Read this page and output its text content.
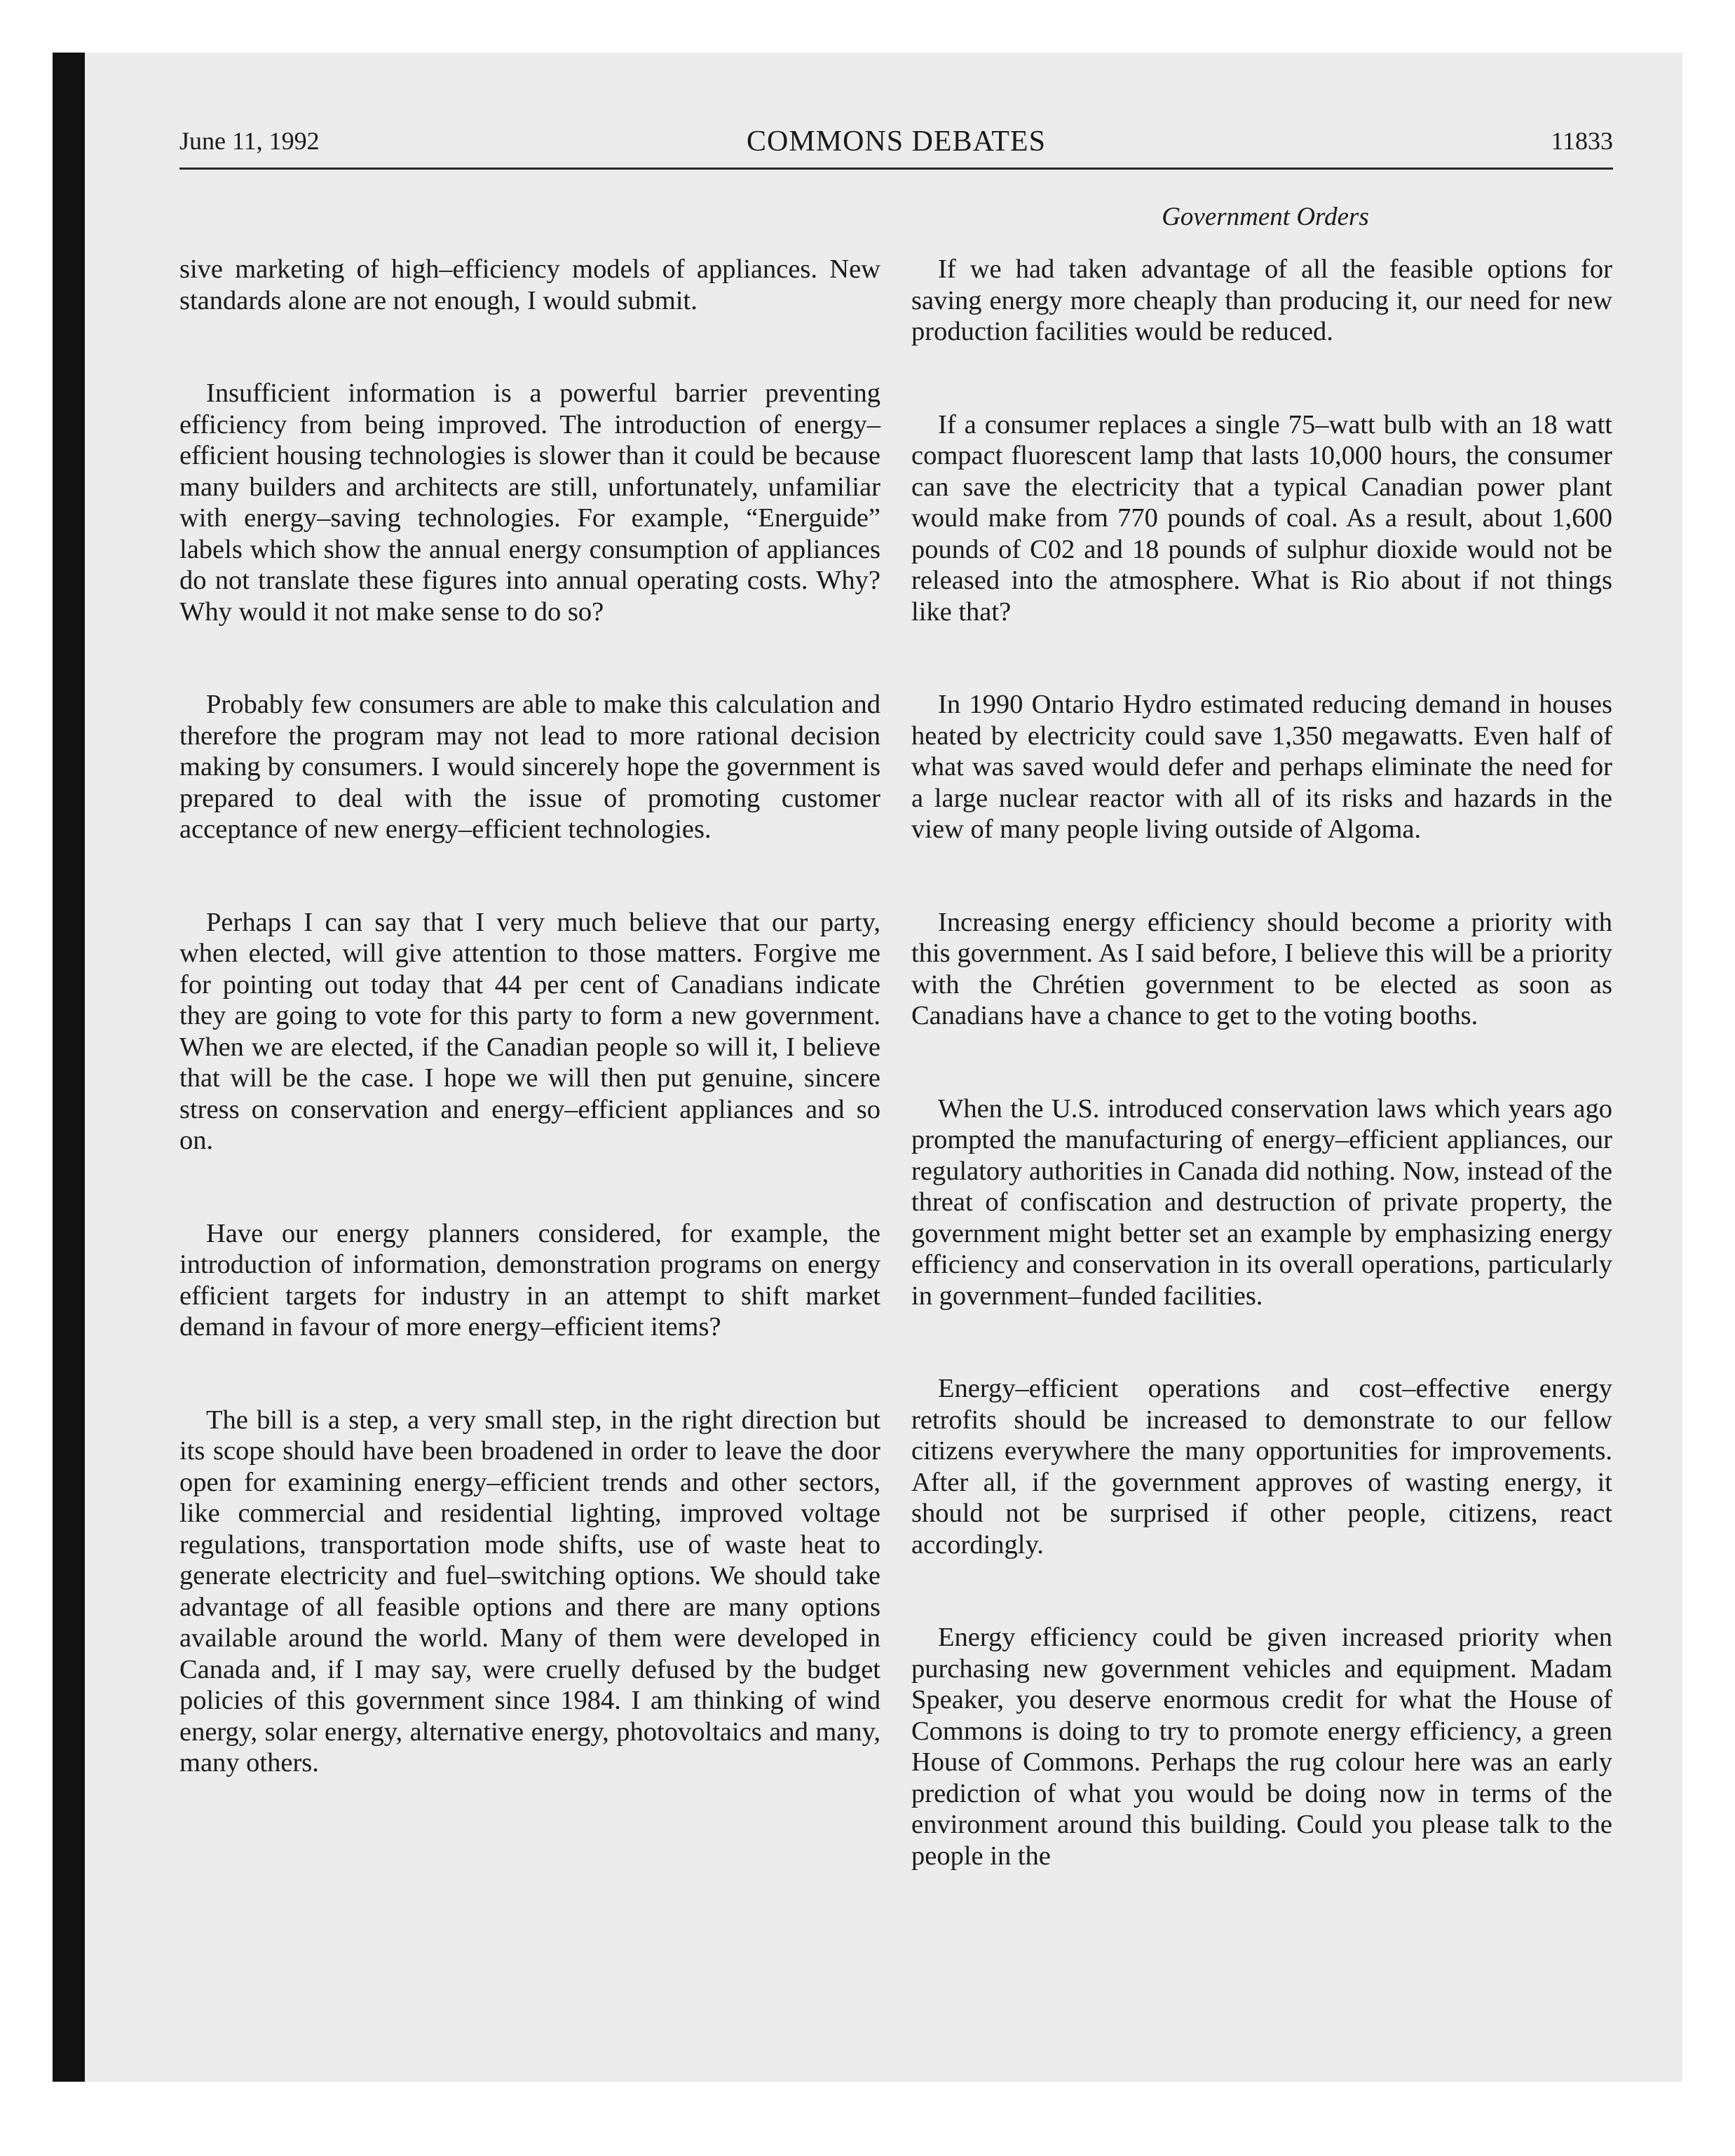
June 11, 1992	COMMONS DEBATES	11833
Government Orders

sive marketing of high–efficiency models of appliances. New standards alone are not enough, I would submit.

Insufficient information is a powerful barrier preventing efficiency from being improved. The introduction of energy–efficient housing technologies is slower than it could be because many builders and architects are still, unfortunately, unfamiliar with energy–saving technologies. For example, “Energuide” labels which show the annual energy consumption of appliances do not translate these figures into annual operating costs. Why? Why would it not make sense to do so?

Probably few consumers are able to make this calculation and therefore the program may not lead to more rational decision making by consumers. I would sincerely hope the government is prepared to deal with the issue of promoting customer acceptance of new energy–efficient technologies.

Perhaps I can say that I very much believe that our party, when elected, will give attention to those matters. Forgive me for pointing out today that 44 per cent of Canadians indicate they are going to vote for this party to form a new government. When we are elected, if the Canadian people so will it, I believe that will be the case. I hope we will then put genuine, sincere stress on conservation and energy–efficient appliances and so on.

Have our energy planners considered, for example, the introduction of information, demonstration programs on energy efficient targets for industry in an attempt to shift market demand in favour of more energy–efficient items?

The bill is a step, a very small step, in the right direction but its scope should have been broadened in order to leave the door open for examining energy–efficient trends and other sectors, like commercial and residential lighting, improved voltage regulations, transportation mode shifts, use of waste heat to generate electricity and fuel–switching options. We should take advantage of all feasible options and there are many options available around the world. Many of them were developed in Canada and, if I may say, were cruelly defused by the budget policies of this government since 1984. I am thinking of wind energy, solar energy, alternative energy, photovoltaics and many, many others.

If we had taken advantage of all the feasible options for saving energy more cheaply than producing it, our need for new production facilities would be reduced.

If a consumer replaces a single 75–watt bulb with an 18 watt compact fluorescent lamp that lasts 10,000 hours, the consumer can save the electricity that a typical Canadian power plant would make from 770 pounds of coal. As a result, about 1,600 pounds of C02 and 18 pounds of sulphur dioxide would not be released into the atmosphere. What is Rio about if not things like that?

In 1990 Ontario Hydro estimated reducing demand in houses heated by electricity could save 1,350 megawatts. Even half of what was saved would defer and perhaps eliminate the need for a large nuclear reactor with all of its risks and hazards in the view of many people living outside of Algoma.

Increasing energy efficiency should become a priority with this government. As I said before, I believe this will be a priority with the Chrétien government to be elected as soon as Canadians have a chance to get to the voting booths.

When the U.S. introduced conservation laws which years ago prompted the manufacturing of energy–efficient appliances, our regulatory authorities in Canada did nothing. Now, instead of the threat of confiscation and destruction of private property, the government might better set an example by emphasizing energy efficiency and conservation in its overall operations, particularly in government–funded facilities.

Energy–efficient operations and cost–effective energy retrofits should be increased to demonstrate to our fellow citizens everywhere the many opportunities for improvements. After all, if the government approves of wasting energy, it should not be surprised if other people, citizens, react accordingly.

Energy efficiency could be given increased priority when purchasing new government vehicles and equipment. Madam Speaker, you deserve enormous credit for what the House of Commons is doing to try to promote energy efficiency, a green House of Commons. Perhaps the rug colour here was an early prediction of what you would be doing now in terms of the environment around this building. Could you please talk to the people in the
